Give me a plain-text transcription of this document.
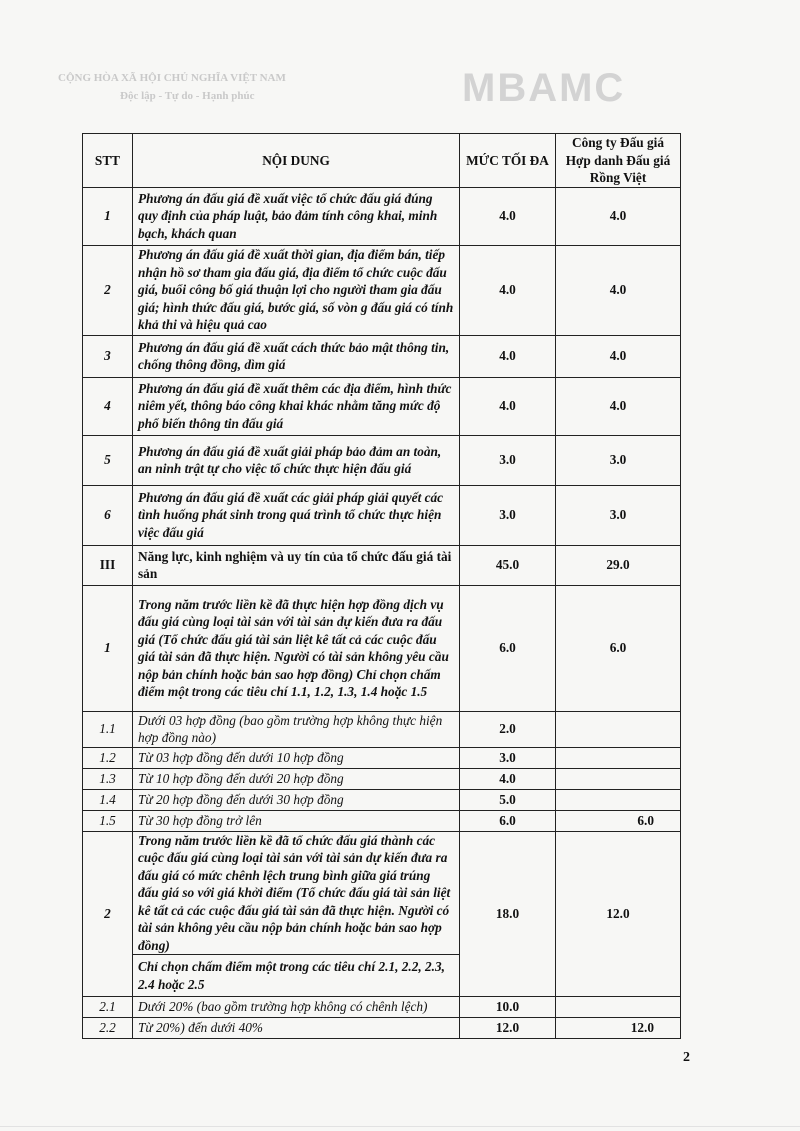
MBAMC
CỘNG HÒA XÃ HỘI CHỦ NGHĨA VIỆT NAM
Độc lập - Tự do - Hạnh phúc
STT	NỘI DUNG	MỨC TỐI ĐA	Công ty Đấu giá Hợp danh Đấu giá Rồng Việt
1	Phương án đấu giá đề xuất việc tổ chức đấu giá đúng quy định của pháp luật, bảo đảm tính công khai, minh bạch, khách quan	4.0	4.0
2	Phương án đấu giá đề xuất thời gian, địa điểm bán, tiếp nhận hồ sơ tham gia đấu giá, địa điểm tổ chức cuộc đấu giá, buổi công bố giá thuận lợi cho người tham gia đấu giá; hình thức đấu giá, bước giá, số vòn g đấu giá có tính khả thi và hiệu quả cao	4.0	4.0
3	Phương án đấu giá đề xuất cách thức bảo mật thông tin, chống thông đồng, dìm giá	4.0	4.0
4	Phương án đấu giá đề xuất thêm các địa điểm, hình thức niêm yết, thông báo công khai khác nhằm tăng mức độ phổ biến thông tin đấu giá	4.0	4.0
5	Phương án đấu giá đề xuất giải pháp bảo đảm an toàn, an ninh trật tự cho việc tổ chức thực hiện đấu giá	3.0	3.0
6	Phương án đấu giá đề xuất các giải pháp giải quyết các tình huống phát sinh trong quá trình tổ chức thực hiện việc đấu giá	3.0	3.0
III	Năng lực, kinh nghiệm và uy tín của tổ chức đấu giá tài sản	45.0	29.0
1	Trong năm trước liền kề đã thực hiện hợp đồng dịch vụ đấu giá cùng loại tài sản với tài sản dự kiến đưa ra đấu giá (Tổ chức đấu giá tài sản liệt kê tất cả các cuộc đấu giá tài sản đã thực hiện. Người có tài sản không yêu cầu nộp bản chính hoặc bản sao hợp đồng) Chỉ chọn chấm điểm một trong các tiêu chí 1.1, 1.2, 1.3, 1.4 hoặc 1.5	6.0	6.0
1.1	Dưới 03 hợp đồng (bao gồm trường hợp không thực hiện hợp đồng nào)	2.0	
1.2	Từ 03 hợp đồng đến dưới 10 hợp đồng	3.0	
1.3	Từ 10 hợp đồng đến dưới 20 hợp đồng	4.0	
1.4	Từ 20 hợp đồng đến dưới 30 hợp đồng	5.0	
1.5	Từ 30 hợp đồng trở lên	6.0	6.0
2	Trong năm trước liền kề đã tổ chức đấu giá thành các cuộc đấu giá cùng loại tài sản với tài sản dự kiến đưa ra đấu giá có mức chênh lệch trung bình giữa giá trúng đấu giá so với giá khởi điểm (Tổ chức đấu giá tài sản liệt kê tất cả các cuộc đấu giá tài sản đã thực hiện. Người có tài sản không yêu cầu nộp bản chính hoặc bản sao hợp đồng)	18.0	12.0
	Chỉ chọn chấm điểm một trong các tiêu chí 2.1, 2.2, 2.3, 2.4 hoặc 2.5		
2.1	Dưới 20% (bao gồm trường hợp không có chênh lệch)	10.0	
2.2	Từ 20%) đến dưới 40%	12.0	12.0
2
